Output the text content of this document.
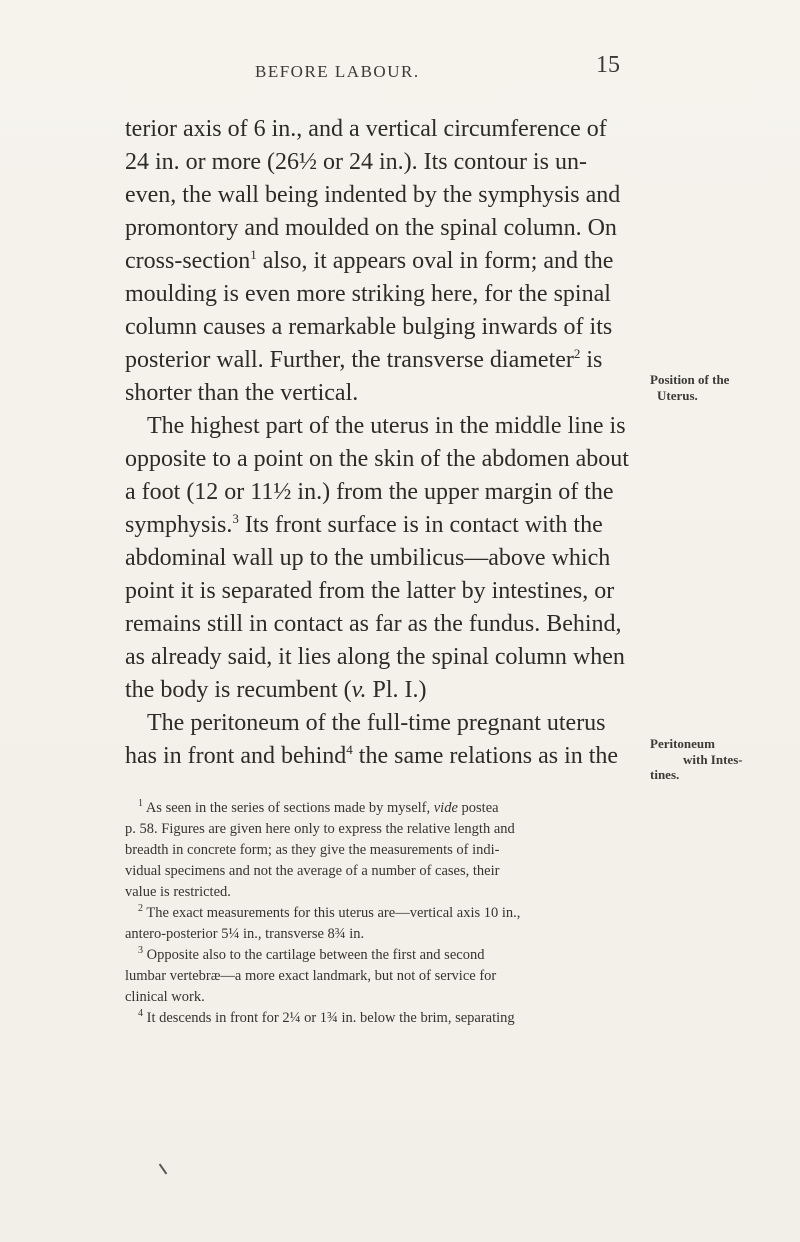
BEFORE LABOUR.	15
terior axis of 6 in., and a vertical circumference of
24 in. or more (26½ or 24 in.). Its contour is un-
even, the wall being indented by the symphysis and
promontory and moulded on the spinal column. On
cross-section$^1$ also, it appears oval in form; and the
moulding is even more striking here, for the spinal
column causes a remarkable bulging inwards of its
posterior wall. Further, the transverse diameter$^2$ is
shorter than the vertical.
The highest part of the uterus in the middle line is
opposite to a point on the skin of the abdomen about
a foot (12 or 11½ in.) from the upper margin of the
symphysis.$^3$ Its front surface is in contact with the
abdominal wall up to the umbilicus—above which
point it is separated from the latter by intestines, or
remains still in contact as far as the fundus. Behind,
as already said, it lies along the spinal column when
the body is recumbent (v. Pl. I.)
The peritoneum of the full-time pregnant uterus
has in front and behind$^4$ the same relations as in the
Position of the
Uterus.
Peritoneum
with Intes-
tines.
$^1$ As seen in the series of sections made by myself, vide postea
p. 58. Figures are given here only to express the relative length and
breadth in concrete form; as they give the measurements of indi-
vidual specimens and not the average of a number of cases, their
value is restricted.
$^2$ The exact measurements for this uterus are—vertical axis 10 in.,
antero-posterior 5¼ in., transverse 8¾ in.
$^3$ Opposite also to the cartilage between the first and second
lumbar vertebræ—a more exact landmark, but not of service for
clinical work.
$^4$ It descends in front for 2¼ or 1¾ in. below the brim, separating
